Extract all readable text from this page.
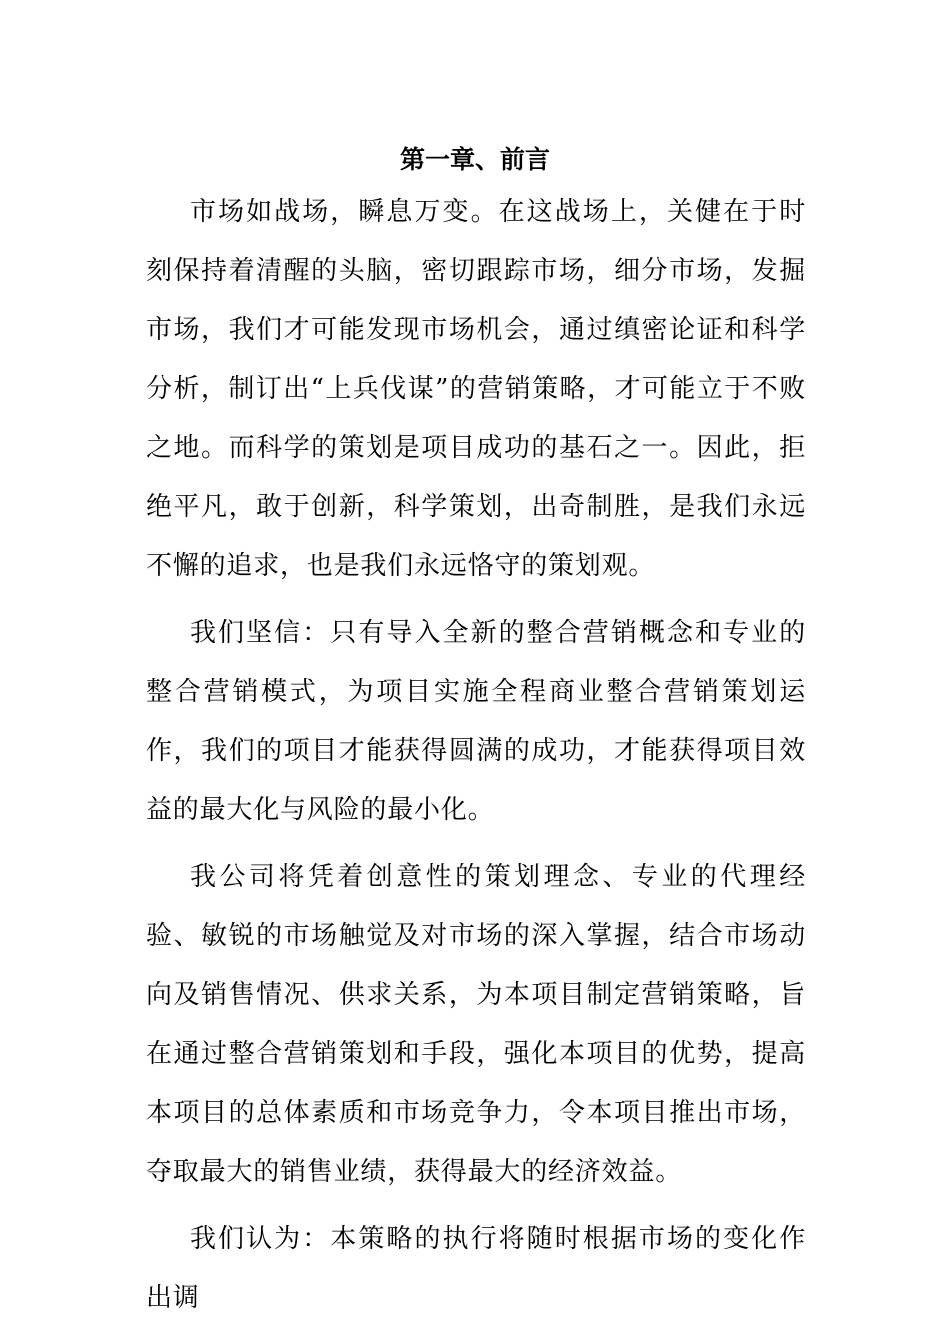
第一章、前言

市场如战场，瞬息万变。在这战场上，关健在于时刻保持着清醒的头脑，密切跟踪市场，细分市场，发掘市场，我们才可能发现市场机会，通过缜密论证和科学分析，制订出“上兵伐谋”的营销策略，才可能立于不败之地。而科学的策划是项目成功的基石之一。因此，拒绝平凡，敢于创新，科学策划，出奇制胜，是我们永远不懈的追求，也是我们永远恪守的策划观。

我们坚信：只有导入全新的整合营销概念和专业的整合营销模式，为项目实施全程商业整合营销策划运作，我们的项目才能获得圆满的成功，才能获得项目效益的最大化与风险的最小化。

我公司将凭着创意性的策划理念、专业的代理经验、敏锐的市场触觉及对市场的深入掌握，结合市场动向及销售情况、供求关系，为本项目制定营销策略，旨在通过整合营销策划和手段，强化本项目的优势，提高本项目的总体素质和市场竞争力，令本项目推出市场，夺取最大的销售业绩，获得最大的经济效益。

我们认为：本策略的执行将随时根据市场的变化作出调
